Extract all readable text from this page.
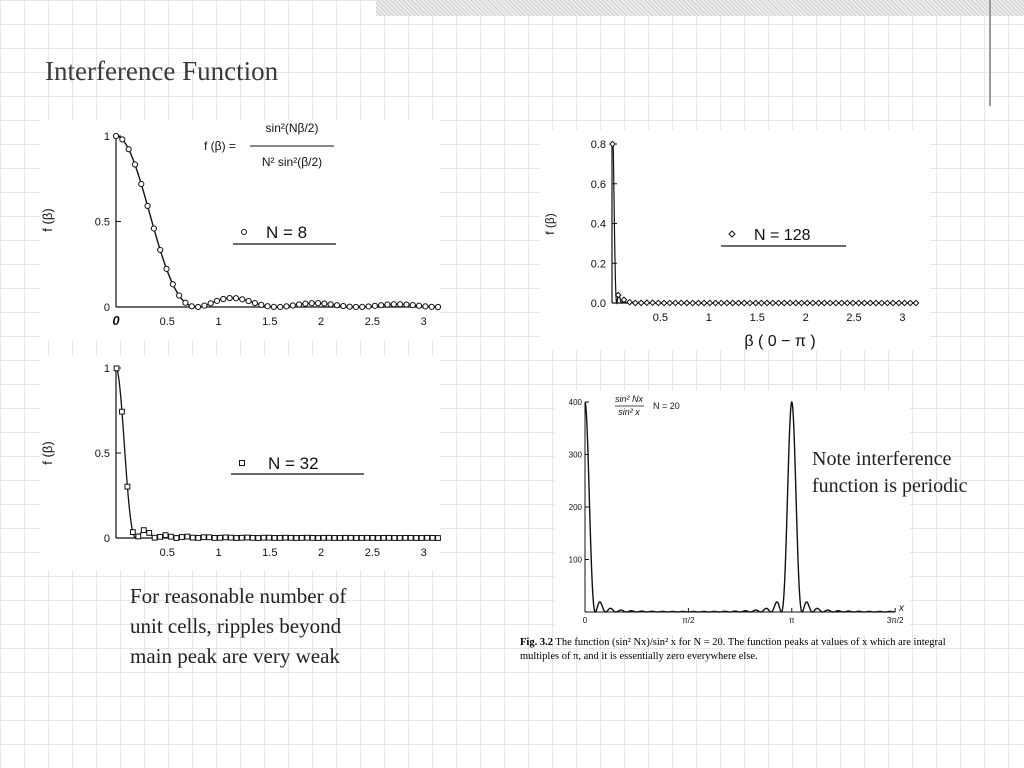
Interference Function
f (β)
f (β) =
sin²(Nβ/2)
N² sin²(β/2)
N = 8
0
0.5
1
0	0.5	1	1.5	2	2.5	3
f (β)
N = 128
β ( 0 − π )
0.0
0.2
0.4
0.6
0.8
0.5	1	1.5	2	2.5	3
f (β)	N = 32
0
0.5
1
0.5	1	1.5	2	2.5	3
sin² Nx
sin² x
N = 20
x
0	π/2	π	3π/2
100
200
300
400
For reasonable number of
unit cells, ripples beyond
main peak are very weak
Note interference
function is periodic
Fig. 3.2 The function (sin² Nx)/sin² x for N = 20. The function peaks at values of x which are integral multiples of π, and it is essentially zero everywhere else.
